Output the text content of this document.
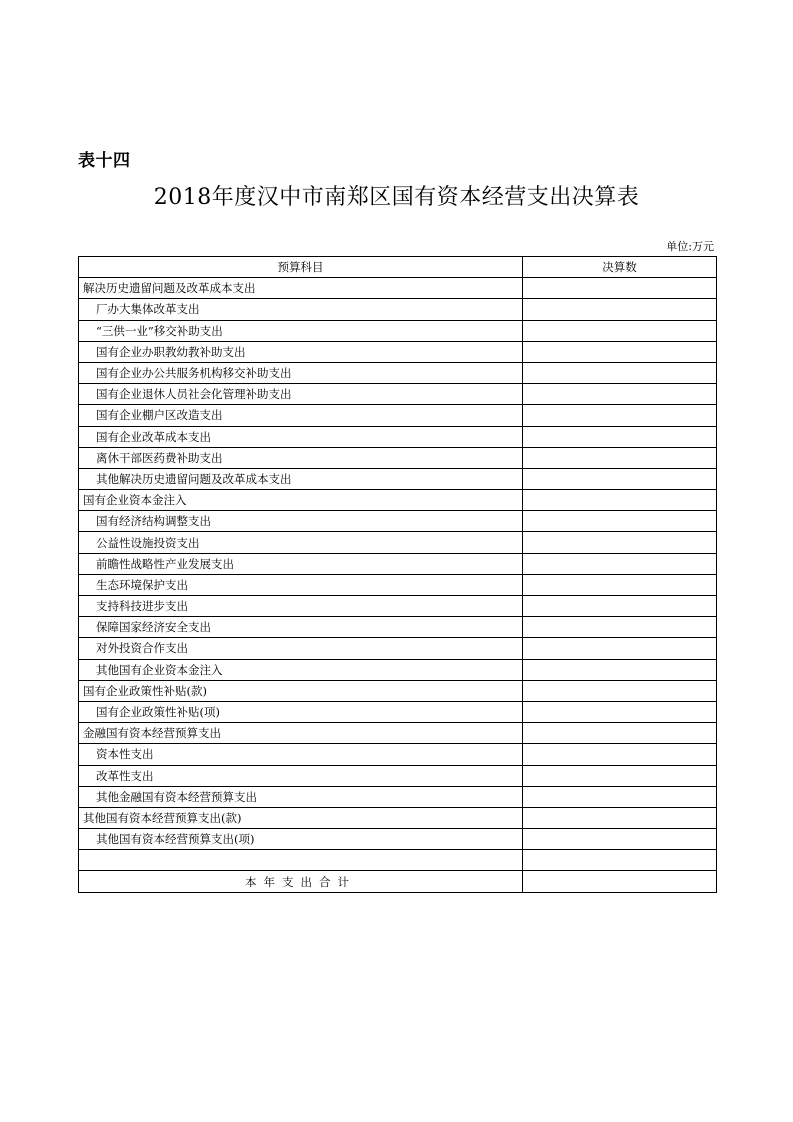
表十四
2018年度汉中市南郑区国有资本经营支出决算表
单位:万元
预算科目	决算数
解决历史遗留问题及改革成本支出	
厂办大集体改革支出	
“三供一业”移交补助支出	
国有企业办职教幼教补助支出	
国有企业办公共服务机构移交补助支出	
国有企业退休人员社会化管理补助支出	
国有企业棚户区改造支出	
国有企业改革成本支出	
离休干部医药费补助支出	
其他解决历史遗留问题及改革成本支出	
国有企业资本金注入	
国有经济结构调整支出	
公益性设施投资支出	
前瞻性战略性产业发展支出	
生态环境保护支出	
支持科技进步支出	
保障国家经济安全支出	
对外投资合作支出	
其他国有企业资本金注入	
国有企业政策性补贴(款)	
国有企业政策性补贴(项)	
金融国有资本经营预算支出	
资本性支出	
改革性支出	
其他金融国有资本经营预算支出	
其他国有资本经营预算支出(款)	
其他国有资本经营预算支出(项)	

本年支出合计	
